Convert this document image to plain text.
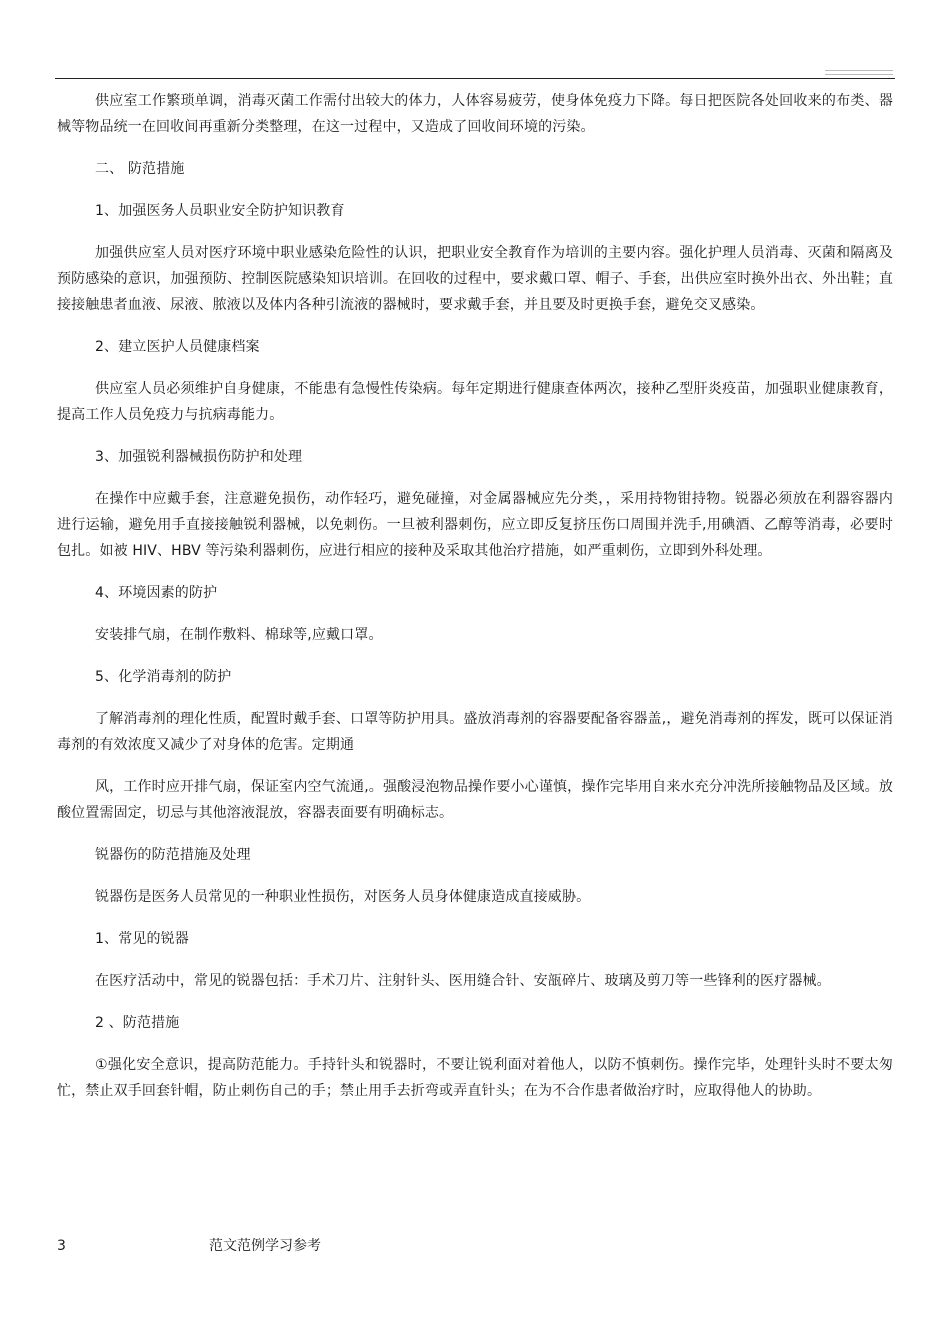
供应室工作繁琐单调，消毒灭菌工作需付出较大的体力，人体容易疲劳，使身体免疫力下降。每日把医院各处回收来的布类、器械等物品统一在回收间再重新分类整理，在这一过程中，又造成了回收间环境的污染。

二、 防范措施

1、加强医务人员职业安全防护知识教育

加强供应室人员对医疗环境中职业感染危险性的认识，把职业安全教育作为培训的主要内容。强化护理人员消毒、灭菌和隔离及预防感染的意识，加强预防、控制医院感染知识培训。在回收的过程中，要求戴口罩、帽子、手套，出供应室时换外出衣、外出鞋；直接接触患者血液、尿液、脓液以及体内各种引流液的器械时，要求戴手套，并且要及时更换手套，避免交叉感染。

2、建立医护人员健康档案

供应室人员必须维护自身健康，不能患有急慢性传染病。每年定期进行健康查体两次，接种乙型肝炎疫苗，加强职业健康教育，提高工作人员免疫力与抗病毒能力。

3、加强锐利器械损伤防护和处理

在操作中应戴手套，注意避免损伤，动作轻巧，避免碰撞，对金属器械应先分类，，采用持物钳持物。锐器必须放在利器容器内进行运输，避免用手直接接触锐利器械，以免刺伤。一旦被利器刺伤，应立即反复挤压伤口周围并洗手,用碘酒、乙醇等消毒，必要时包扎。如被 HIV、HBV 等污染利器刺伤，应进行相应的接种及采取其他治疗措施，如严重刺伤，立即到外科处理。

4、环境因素的防护

安装排气扇，在制作敷料、棉球等,应戴口罩。

5、化学消毒剂的防护

了解消毒剂的理化性质，配置时戴手套、口罩等防护用具。盛放消毒剂的容器要配备容器盖,，避免消毒剂的挥发，既可以保证消毒剂的有效浓度又减少了对身体的危害。定期通

风，工作时应开排气扇，保证室内空气流通,。强酸浸泡物品操作要小心谨慎，操作完毕用自来水充分冲洗所接触物品及区域。放酸位置需固定，切忌与其他溶液混放，容器表面要有明确标志。

锐器伤的防范措施及处理

锐器伤是医务人员常见的一种职业性损伤，对医务人员身体健康造成直接威胁。

1、常见的锐器

在医疗活动中，常见的锐器包括：手术刀片、注射针头、医用缝合针、安瓿碎片、玻璃及剪刀等一些锋利的医疗器械。

2 、防范措施

①强化安全意识，提高防范能力。手持针头和锐器时，不要让锐利面对着他人，以防不慎刺伤。操作完毕，处理针头时不要太匆忙，禁止双手回套针帽，防止刺伤自己的手；禁止用手去折弯或弄直针头；在为不合作患者做治疗时，应取得他人的协助。

3	范文范例学习参考
